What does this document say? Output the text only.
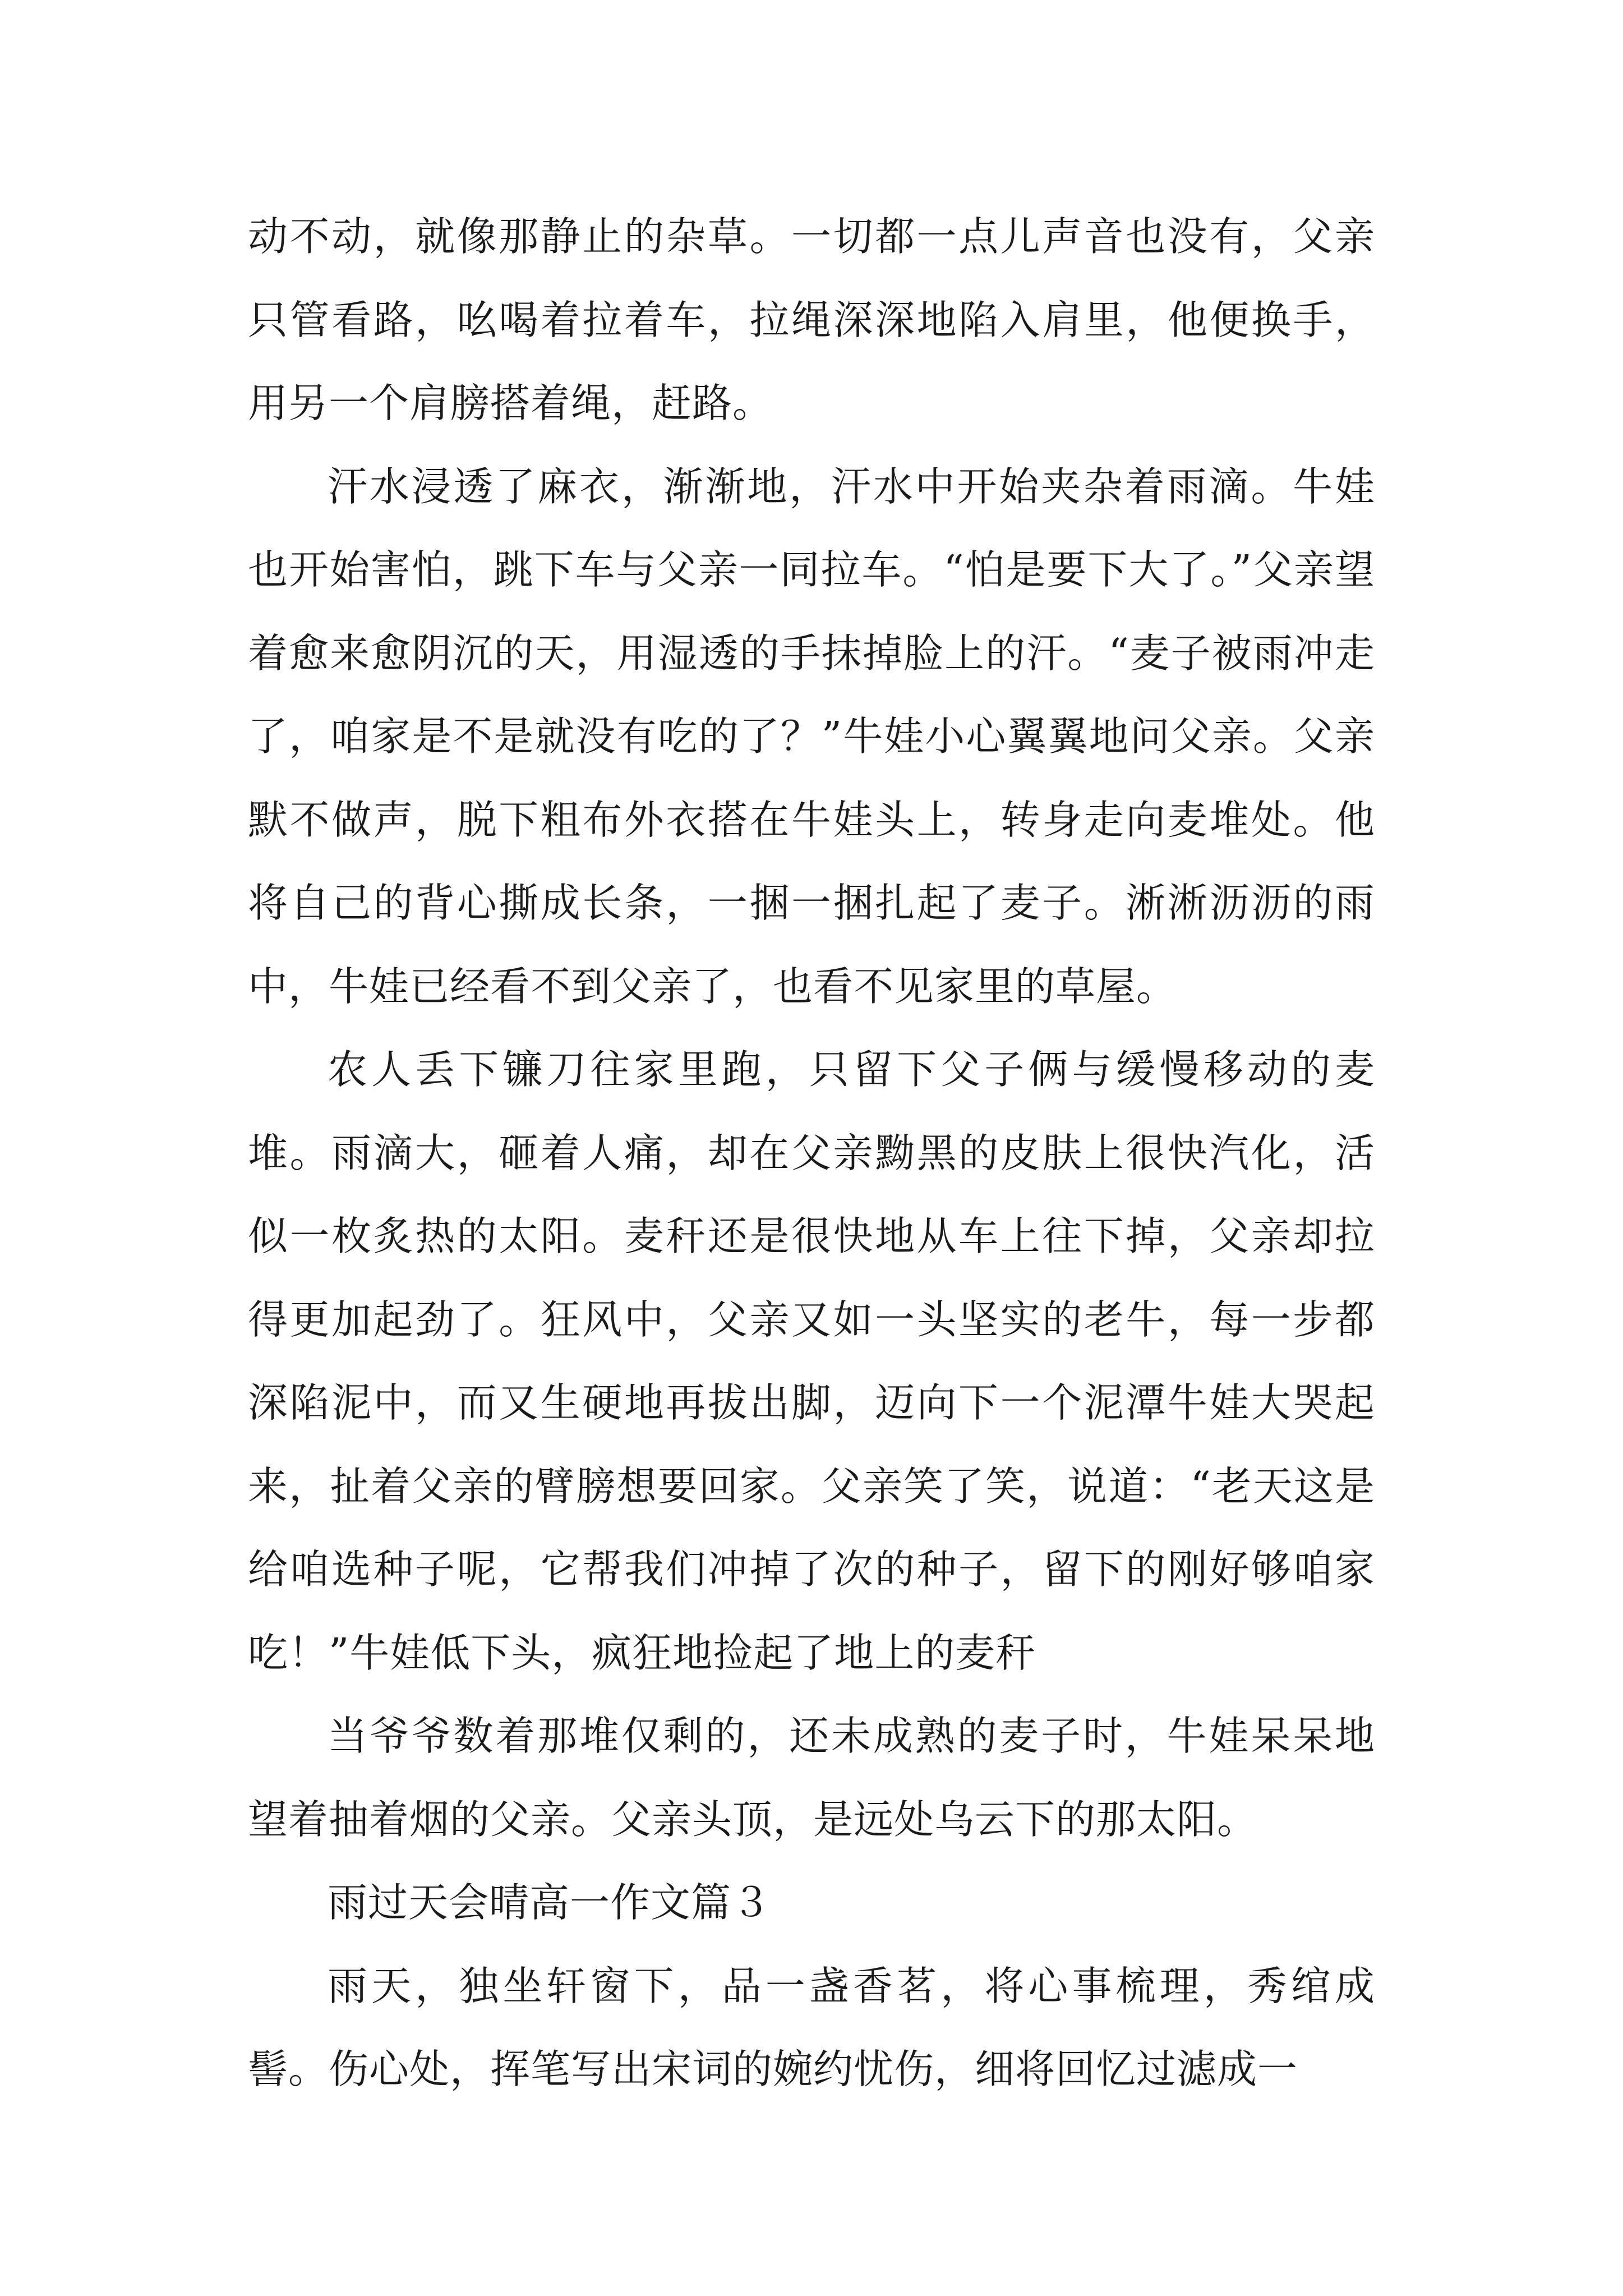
动不动，就像那静止的杂草。一切都一点儿声音也没有，父亲只管看路，吆喝着拉着车，拉绳深深地陷入肩里，他便换手，用另一个肩膀搭着绳，赶路。

汗水浸透了麻衣，渐渐地，汗水中开始夹杂着雨滴。牛娃也开始害怕，跳下车与父亲一同拉车。“怕是要下大了。”父亲望着愈来愈阴沉的天，用湿透的手抹掉脸上的汗。“麦子被雨冲走了，咱家是不是就没有吃的了？”牛娃小心翼翼地问父亲。父亲默不做声，脱下粗布外衣搭在牛娃头上，转身走向麦堆处。他将自己的背心撕成长条，一捆一捆扎起了麦子。淅淅沥沥的雨中，牛娃已经看不到父亲了，也看不见家里的草屋。

农人丢下镰刀往家里跑，只留下父子俩与缓慢移动的麦堆。雨滴大，砸着人痛，却在父亲黝黑的皮肤上很快汽化，活似一枚炙热的太阳。麦秆还是很快地从车上往下掉，父亲却拉得更加起劲了。狂风中，父亲又如一头坚实的老牛，每一步都深陷泥中，而又生硬地再拔出脚，迈向下一个泥潭牛娃大哭起来，扯着父亲的臂膀想要回家。父亲笑了笑，说道：“老天这是给咱选种子呢，它帮我们冲掉了次的种子，留下的刚好够咱家吃！”牛娃低下头，疯狂地捡起了地上的麦秆

当爷爷数着那堆仅剩的，还未成熟的麦子时，牛娃呆呆地望着抽着烟的父亲。父亲头顶，是远处乌云下的那太阳。

雨过天会晴高一作文篇３

雨天，独坐轩窗下，品一盏香茗，将心事梳理，秀绾成髻。伤心处，挥笔写出宋词的婉约忧伤，细将回忆过滤成一
